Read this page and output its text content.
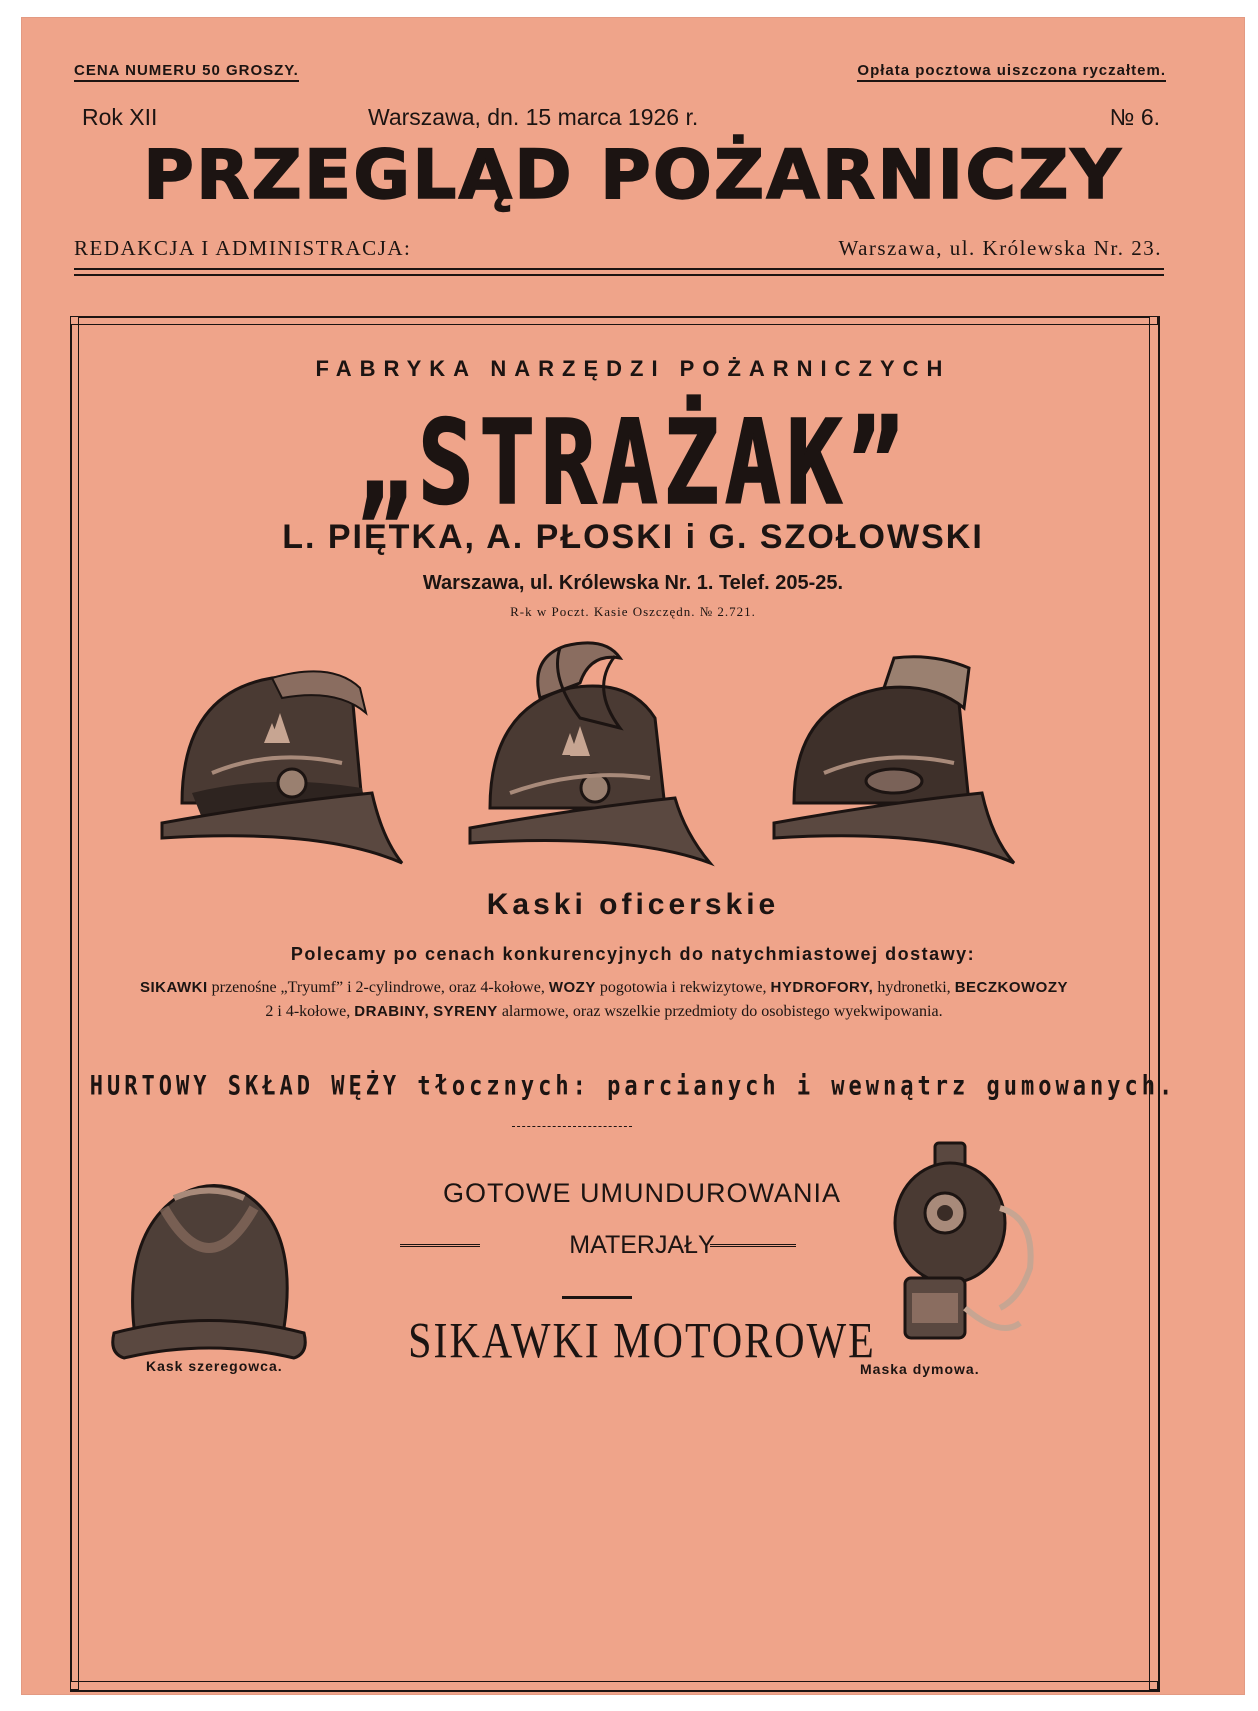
CENA NUMERU 50 GROSZY.	Opłata pocztowa uiszczona ryczałtem.
Rok XII	Warszawa, dn. 15 marca 1926 r.	№ 6.
PRZEGLĄD POŻARNICZY
REDAKCJA I ADMINISTRACJA:	Warszawa, ul. Królewska Nr. 23.
FABRYKA NARZĘDZI POŻARNICZYCH
„STRAŻAK”
L. PIĘTKA, A. PŁOSKI i G. SZOŁOWSKI
Warszawa, ul. Królewska Nr. 1. Telef. 205-25.
R-k w Poczt. Kasie Oszczędn. № 2.721.
Kaski oficerskie
Polecamy po cenach konkurencyjnych do natychmiastowej dostawy:
SIKAWKI przenośne „Tryumf” i 2-cylindrowe, oraz 4-kołowe, WOZY pogotowia i rekwizytowe, HYDROFORY, hydronetki, BECZKOWOZY 2 i 4-kołowe, DRABINY, SYRENY alarmowe, oraz wszelkie przedmioty do osobistego wyekwipowania.
HURTOWY SKŁAD WĘŻY tłocznych: parcianych i wewnątrz gumowanych.
Kask szeregowca.
GOTOWE UMUNDUROWANIA
MATERJAŁY
SIKAWKI MOTOROWE
Maska dymowa.
